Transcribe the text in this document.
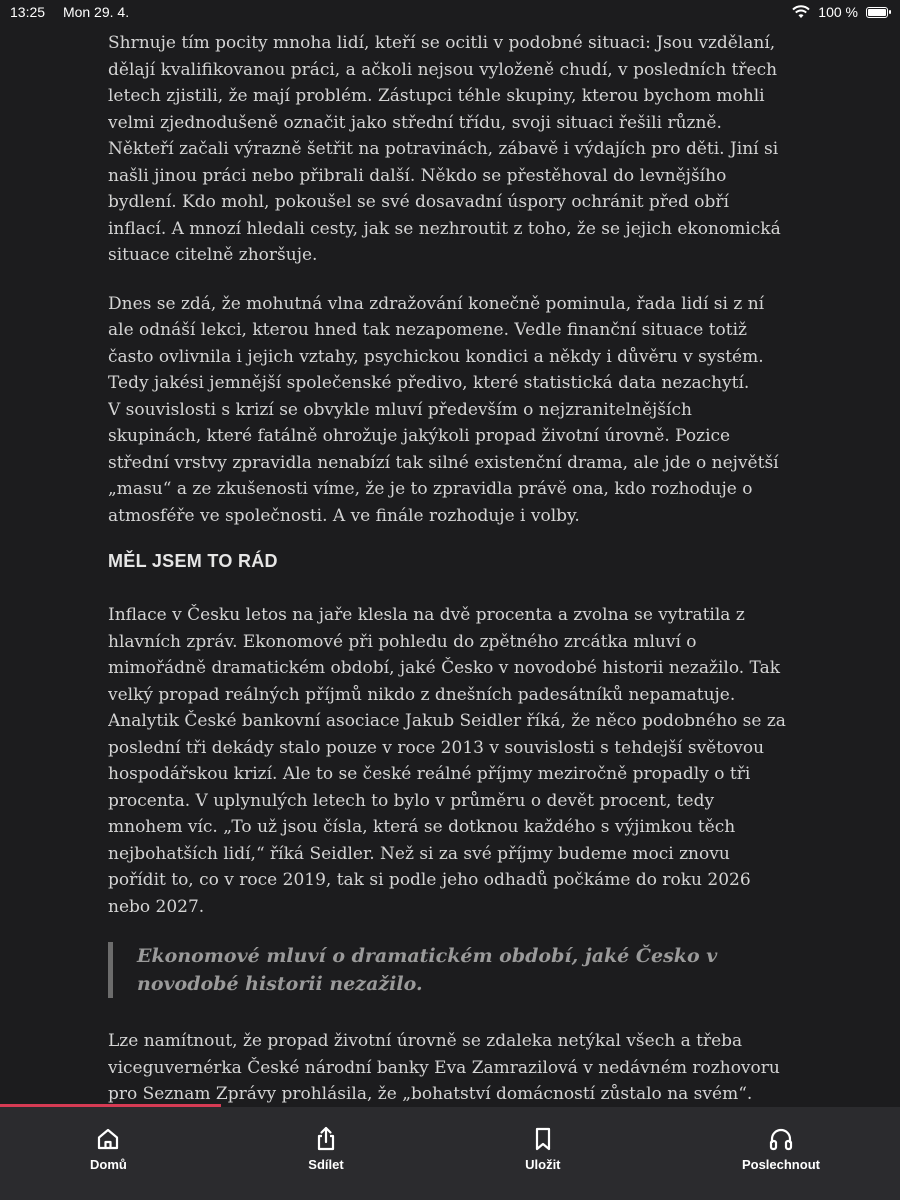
13:25 Mon 29. 4.	100 %

Shrnuje tím pocity mnoha lidí, kteří se ocitli v podobné situaci: Jsou vzdělaní, dělají kvalifikovanou práci, a ačkoli nejsou vyloženě chudí, v posledních třech letech zjistili, že mají problém. Zástupci téhle skupiny, kterou bychom mohli velmi zjednodušeně označit jako střední třídu, svoji situaci řešili různě. Někteří začali výrazně šetřit na potravinách, zábavě i výdajích pro děti. Jiní si našli jinou práci nebo přibrali další. Někdo se přestěhoval do levnějšího bydlení. Kdo mohl, pokoušel se své dosavadní úspory ochránit před obří inflací. A mnozí hledali cesty, jak se nezhroutit z toho, že se jejich ekonomická situace citelně zhoršuje.

Dnes se zdá, že mohutná vlna zdražování konečně pominula, řada lidí si z ní ale odnáší lekci, kterou hned tak nezapomene. Vedle finanční situace totiž často ovlivnila i jejich vztahy, psychickou kondici a někdy i důvěru v systém. Tedy jakési jemnější společenské předivo, které statistická data nezachytí.

V souvislosti s krizí se obvykle mluví především o nejzranitelnějších skupinách, které fatálně ohrožuje jakýkoli propad životní úrovně. Pozice střední vrstvy zpravidla nenabízí tak silné existenční drama, ale jde o největší „masu“ a ze zkušenosti víme, že je to zpravidla právě ona, kdo rozhoduje o atmosféře ve společnosti. A ve finále rozhoduje i volby.

MĚL JSEM TO RÁD

Inflace v Česku letos na jaře klesla na dvě procenta a zvolna se vytratila z hlavních zpráv. Ekonomové při pohledu do zpětného zrcátka mluví o mimořádně dramatickém období, jaké Česko v novodobé historii nezažilo. Tak velký propad reálných příjmů nikdo z dnešních padesátníků nepamatuje. Analytik České bankovní asociace Jakub Seidler říká, že něco podobného se za poslední tři dekády stalo pouze v roce 2013 v souvislosti s tehdejší světovou hospodářskou krizí. Ale to se české reálné příjmy meziročně propadly o tři procenta. V uplynulých letech to bylo v průměru o devět procent, tedy mnohem víc. „To už jsou čísla, která se dotknou každého s výjimkou těch nejbohatších lidí,“ říká Seidler. Než si za své příjmy budeme moci znovu pořídit to, co v roce 2019, tak si podle jeho odhadů počkáme do roku 2026 nebo 2027.

Ekonomové mluví o dramatickém období, jaké Česko v novodobé historii nezažilo.

Lze namítnout, že propad životní úrovně se zdaleka netýkal všech a třeba viceguvernérka České národní banky Eva Zamrazilová v nedávném rozhovoru pro Seznam Zprávy prohlásila, že „bohatství domácností zůstalo na svém“.

Domů	Sdílet	Uložit	Poslechnout
